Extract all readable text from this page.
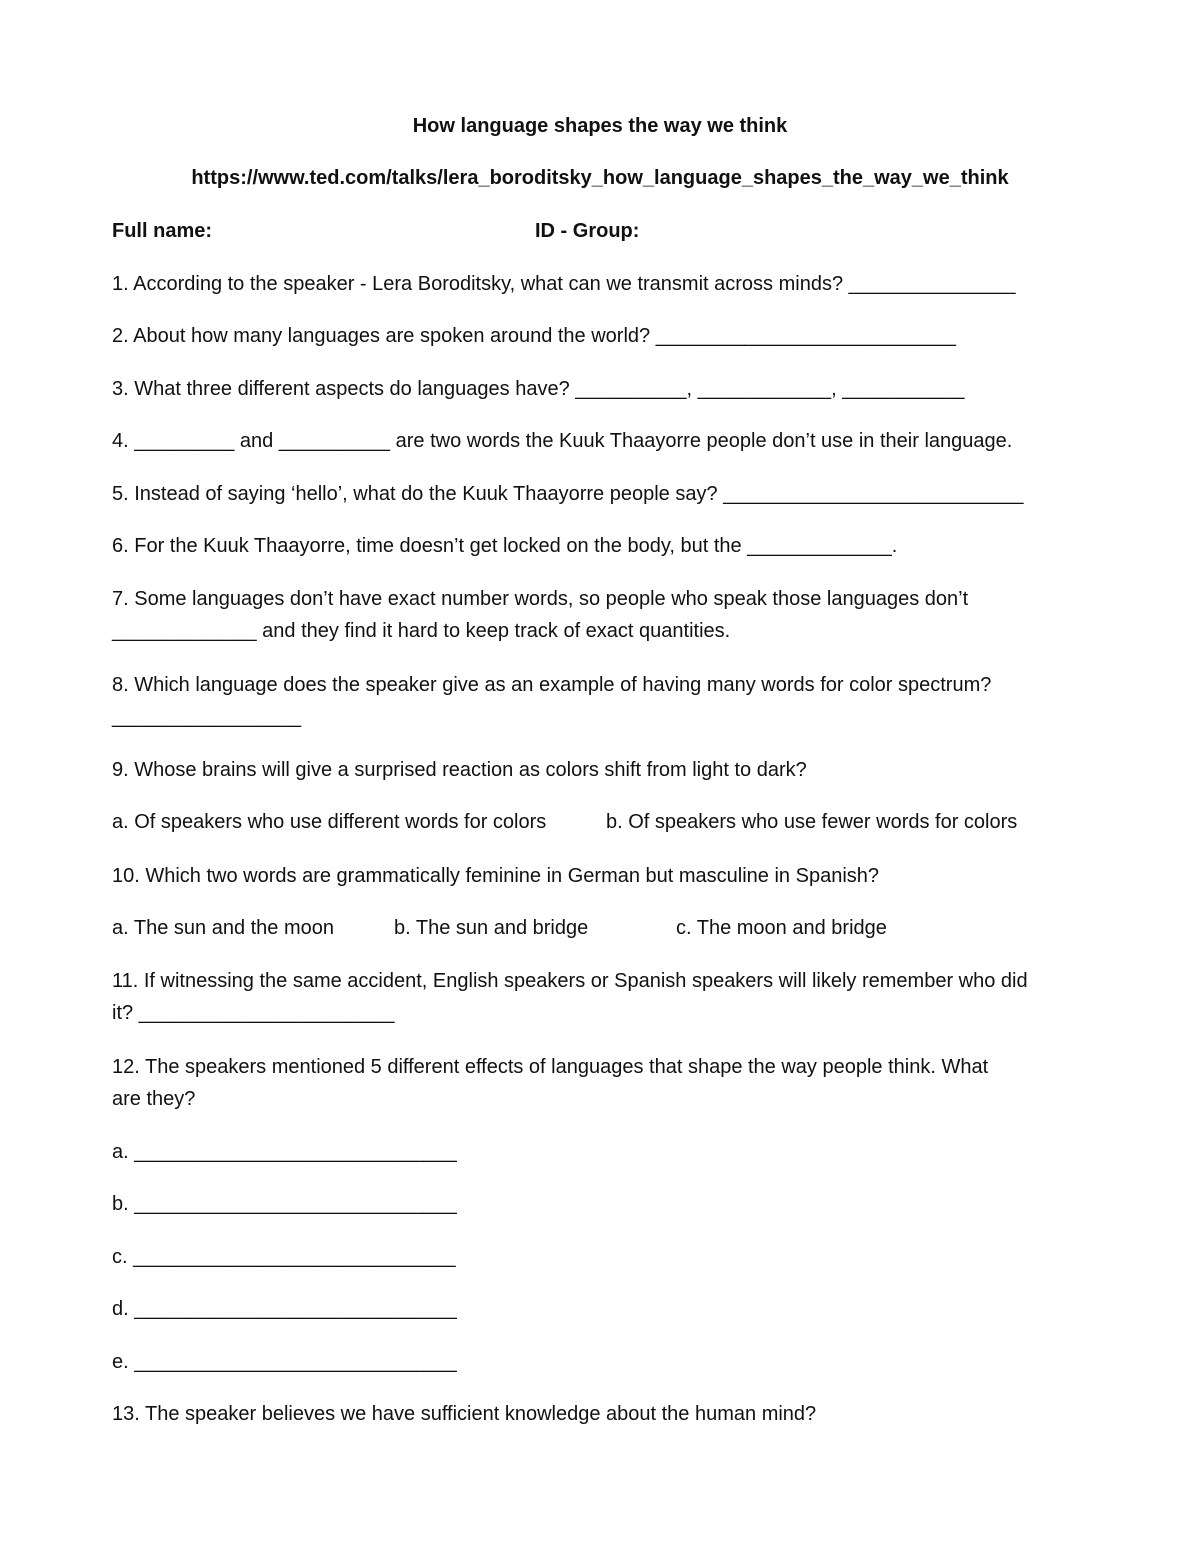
How language shapes the way we think
https://www.ted.com/talks/lera_boroditsky_how_language_shapes_the_way_we_think
Full name:	ID - Group:
1. According to the speaker - Lera Boroditsky, what can we transmit across minds? _______________
2. About how many languages are spoken around the world? ___________________________
3. What three different aspects do languages have? __________, ____________, ___________
4. _________ and __________ are two words the Kuuk Thaayorre people don’t use in their language.
5. Instead of saying ‘hello’, what do the Kuuk Thaayorre people say? ___________________________
6. For the Kuuk Thaayorre, time doesn’t get locked on the body, but the _____________.
7. Some languages don’t have exact number words, so people who speak those languages don’t
_____________ and they find it hard to keep track of exact quantities.
8. Which language does the speaker give as an example of having many words for color spectrum?
_________________
9. Whose brains will give a surprised reaction as colors shift from light to dark?
a. Of speakers who use different words for colors	b. Of speakers who use fewer words for colors
10. Which two words are grammatically feminine in German but masculine in Spanish?
a. The sun and the moon	b. The sun and bridge	c. The moon and bridge
11. If witnessing the same accident, English speakers or Spanish speakers will likely remember who did
it? _______________________
12. The speakers mentioned 5 different effects of languages that shape the way people think. What
are they?
a. _____________________________
b. _____________________________
c. _____________________________
d. _____________________________
e. _____________________________
13. The speaker believes we have sufficient knowledge about the human mind?
